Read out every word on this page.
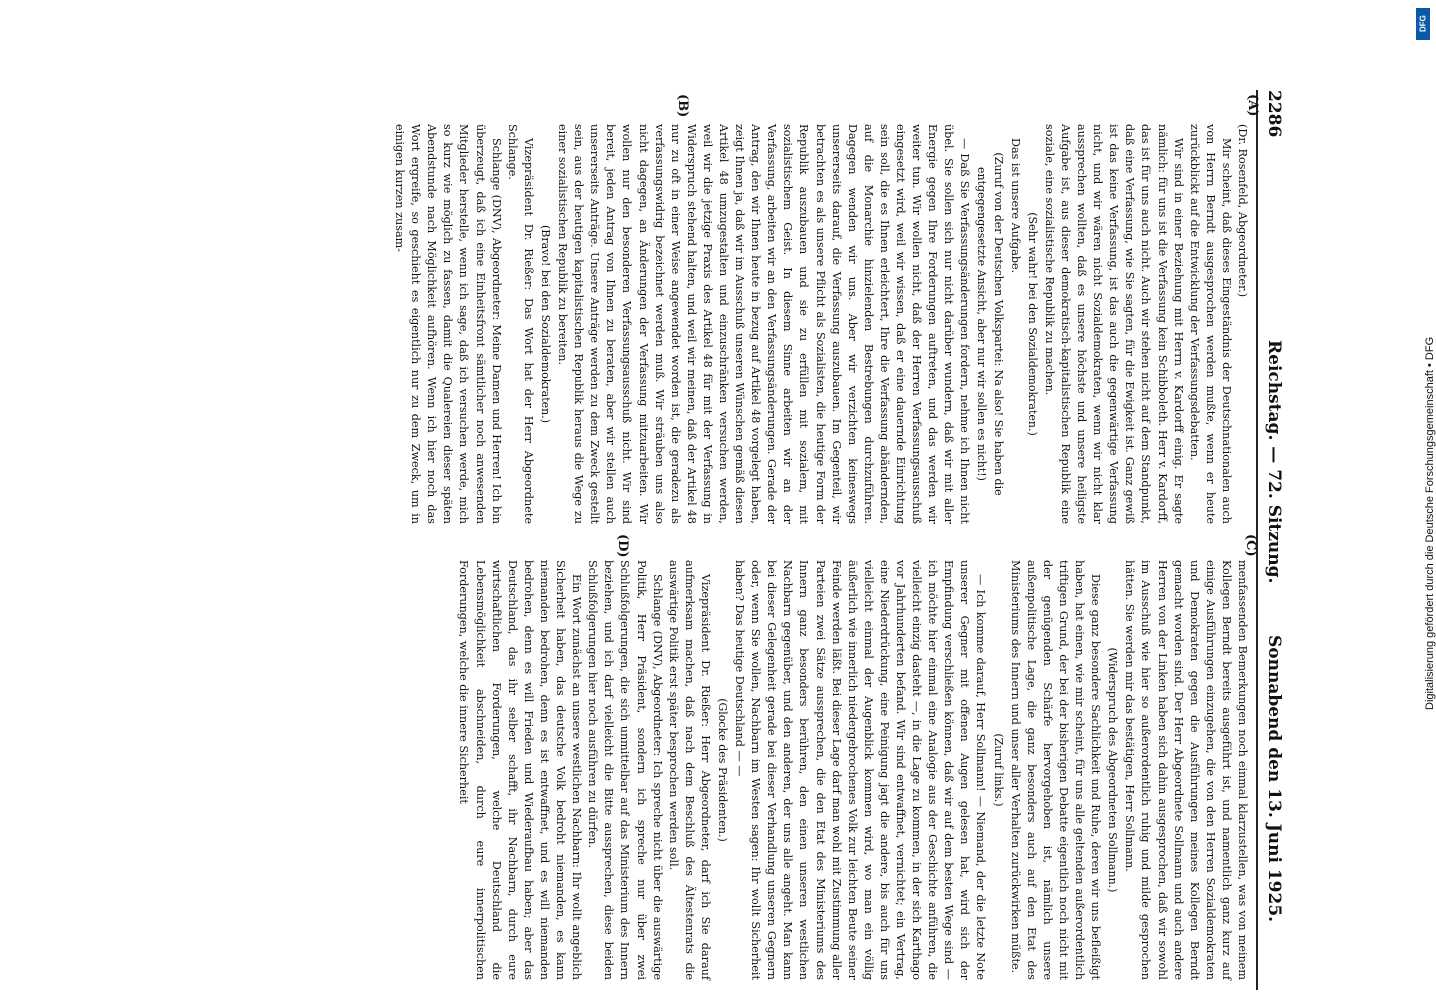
2286
Reichstag. — 72. Sitzung.
Sonnabend den 13. Juni 1925.
(A)
(B)

(Dr. Rosenfeld, Abgeordneter.)

Mir scheint, daß dieses Eingeständnis der Deutschnationalen auch von Herrn Berndt ausgesprochen werden mußte, wenn er heute zurückblickt auf die Entwicklung der Verfassungsdebatten.

Wir sind in einer Beziehung mit Herrn v. Kardorff einig. Er sagte nämlich: für uns ist die Verfassung kein Schibboleth. Herr v. Kardorff, das ist für uns auch nicht. Auch wir stehen nicht auf dem Standpunkt, daß eine Verfassung, wie Sie sagten, für die Ewigkeit ist. Ganz gewiß ist das keine Verfassung, ist das auch die gegenwärtige Verfassung nicht, und wir wären nicht Sozialdemokraten, wenn wir nicht klar aussprechen wollten, daß es unsere höchste und unsere heiligste Aufgabe ist, aus dieser demokratisch-kapitalistischen Republik eine soziale, eine sozialistische Republik zu machen.

(Sehr wahr! bei den Sozialdemokraten.)

Das ist unsere Aufgabe.

(Zuruf von der Deutschen Volkspartei: Na also! Sie haben die entgegengesetzte Ansicht, aber nur wir sollen es nicht!)

— Daß Sie Verfassungsänderungen fordern, nehme ich Ihnen nicht übel. Sie sollen sich nur nicht darüber wundern, daß wir mit aller Energie gegen Ihre Forderungen auftreten, und das werden wir weiter tun. Wir wollen nicht, daß der Herren Verfassungsausschuß eingesetzt wird, weil wir wissen, daß er eine dauernde Einrichtung sein soll, die es Ihnen erleichtert, Ihre die Verfassung abändernden, auf die Monarchie hinzielenden Bestrebungen durchzuführen. Dagegen wenden wir uns. Aber wir verzichten keineswegs unsererseits darauf, die Verfassung auszubauen. Im Gegenteil, wir betrachten es als unsere Pflicht als Sozialisten, die heutige Form der Republik auszubauen und sie zu erfüllen mit sozialem, mit sozialistischem Geist. In diesem Sinne arbeiten wir an der Verfassung, arbeiten wir an den Verfassungsänderungen. Gerade der Antrag, den wir Ihnen heute in bezug auf Artikel 48 vorgelegt haben, zeigt Ihnen ja, daß wir im Ausschuß unseren Wünschen gemäß diesen Artikel 48 umzugestalten und einzuschränken versuchen werden, weil wir die jetzige Praxis des Artikel 48 für mit der Verfassung in Widerspruch stehend halten, und weil wir meinen, daß der Artikel 48 nur zu oft in einer Weise angewendet worden ist, die geradezu als verfassungswidrig bezeichnet werden muß. Wir sträuben uns also nicht dagegen, an Änderungen der Verfassung mitzuarbeiten. Wir wollen nur den besonderen Verfassungsausschuß nicht. Wir sind bereit, jeden Antrag von Ihnen zu beraten, aber wir stellen auch unsererseits Anträge. Unsere Anträge werden zu dem Zweck gestellt sein, aus der heutigen kapitalistischen Republik heraus die Wege zu einer sozialistischen Republik zu bereiten.

(Bravo! bei den Sozialdemokraten.)

Vizepräsident Dr. Rießer: Das Wort hat der Herr Abgeordnete Schlange.

Schlange (DNV), Abgeordneter: Meine Damen und Herren! Ich bin überzeugt, daß ich eine Einheitsfront sämtlicher noch anwesenden Mitglieder herstelle, wenn ich sage, daß ich versuchen werde, mich so kurz wie möglich zu fassen, damit die Qualereien dieser späten Abendstunde nach Möglichkeit aufhören. Wenn ich hier noch das Wort ergreife, so geschieht es eigentlich nur zu dem Zweck, um in einigen kurzen zusam-

(C)

menfassenden Bemerkungen noch einmal klarzustellen, was von meinem Kollegen Berndt bereits ausgeführt ist, und namentlich ganz kurz auf einige Ausführungen einzugehen, die von den Herren Sozialdemokraten und Demokraten gegen die Ausführungen meines Kollegen Berndt gemacht worden sind. Der Herr Abgeordnete Sollmann und auch andere Herren von der Linken haben sich dahin ausgesprochen, daß wir sowohl im Ausschuß wie hier so außerordentlich ruhig und milde gesprochen hätten. Sie werden mir das bestätigen, Herr Sollmann.

(Widerspruch des Abgeordneten Sollmann.)

Diese ganz besondere Sachlichkeit und Ruhe, deren wir uns befleißigt haben, hat einen, wie mir scheint, für uns alle geltenden außerordentlich triftigen Grund, der bei der bisherigen Debatte eigentlich noch nicht mit der genügenden Schärfe hervorgehoben ist, nämlich unsere außenpolitische Lage, die ganz besonders auch auf den Etat des Ministeriums des Innern und unser aller Verhalten zurückwirken müßte.

(Zuruf links.)

— Ich komme darauf, Herr Sollmann! — Niemand, der die letzte Note unserer Gegner mit offenen Augen gelesen hat, wird sich der Empfindung verschließen können, daß wir auf dem besten Wege sind — ich möchte hier einmal eine Analogie aus der Geschichte anführen, die vielleicht einzig dasteht —, in die Lage zu kommen, in der sich Karthago vor Jahrhunderten befand. Wir sind entwaffnet, vernichtet; ein Vertrag, eine Niederdrückung, eine Peinigung jagt die andere, bis auch für uns vielleicht einmal der Augenblick kommen wird, wo man ein völlig äußerlich wie innerlich niedergebrochenes Volk zur leichten Beute seiner Feinde werden läßt. Bei dieser Lage darf man wohl mit Zustimmung aller Parteien zwei Sätze aussprechen, die den Etat des Ministeriums des Innern ganz besonders berühren, den einen unseren westlichen Nachbarn gegenüber, und den anderen, der uns alle angeht. Man kann bei dieser Gelegenheit gerade bei dieser Verhandlung unseren Gegnern oder, wenn Sie wollen, Nachbarn im Westen sagen: Ihr wollt Sicherheit haben? Das heutige Deutschland — —

(Glocke des Präsidenten.)

Vizepräsident Dr. Rießer: Herr Abgeordneter, darf ich Sie darauf aufmerksam machen, daß nach dem Beschluß des Ältestenrats die auswärtige Politik erst später besprochen werden soll.

Schlange (DNV), Abgeordneter: Ich spreche nicht über die auswärtige Politik, Herr Präsident, sondern ich spreche nur über zwei Schlußfolgerungen, die sich unmittelbar auf das Ministerium des Innern beziehen, und ich darf vielleicht die Bitte aussprechen, diese beiden Schlußfolgerungen hier noch ausführen zu dürfen.

Ein Wort zunächst an unsere westlichen Nachbarn: Ihr wollt angeblich Sicherheit haben, das deutsche Volk bedroht niemanden, es kann niemanden bedrohen, denn es ist entwaffnet, und es will niemanden bedrohen, denn es will Frieden und Wiederaufbau haben; aber das Deutschland, das ihr selber schafft, ihr Nachbarn, durch eure wirtschaftlichen Forderungen, welche Deutschland die Lebensmöglichkeit abschneiden, durch eure innerpolitischen Forderungen, welche die innere Sicherheit

(D)
DFG
Digitalisierung gefördert durch die Deutsche Forschungsgemeinschaft • DFG
